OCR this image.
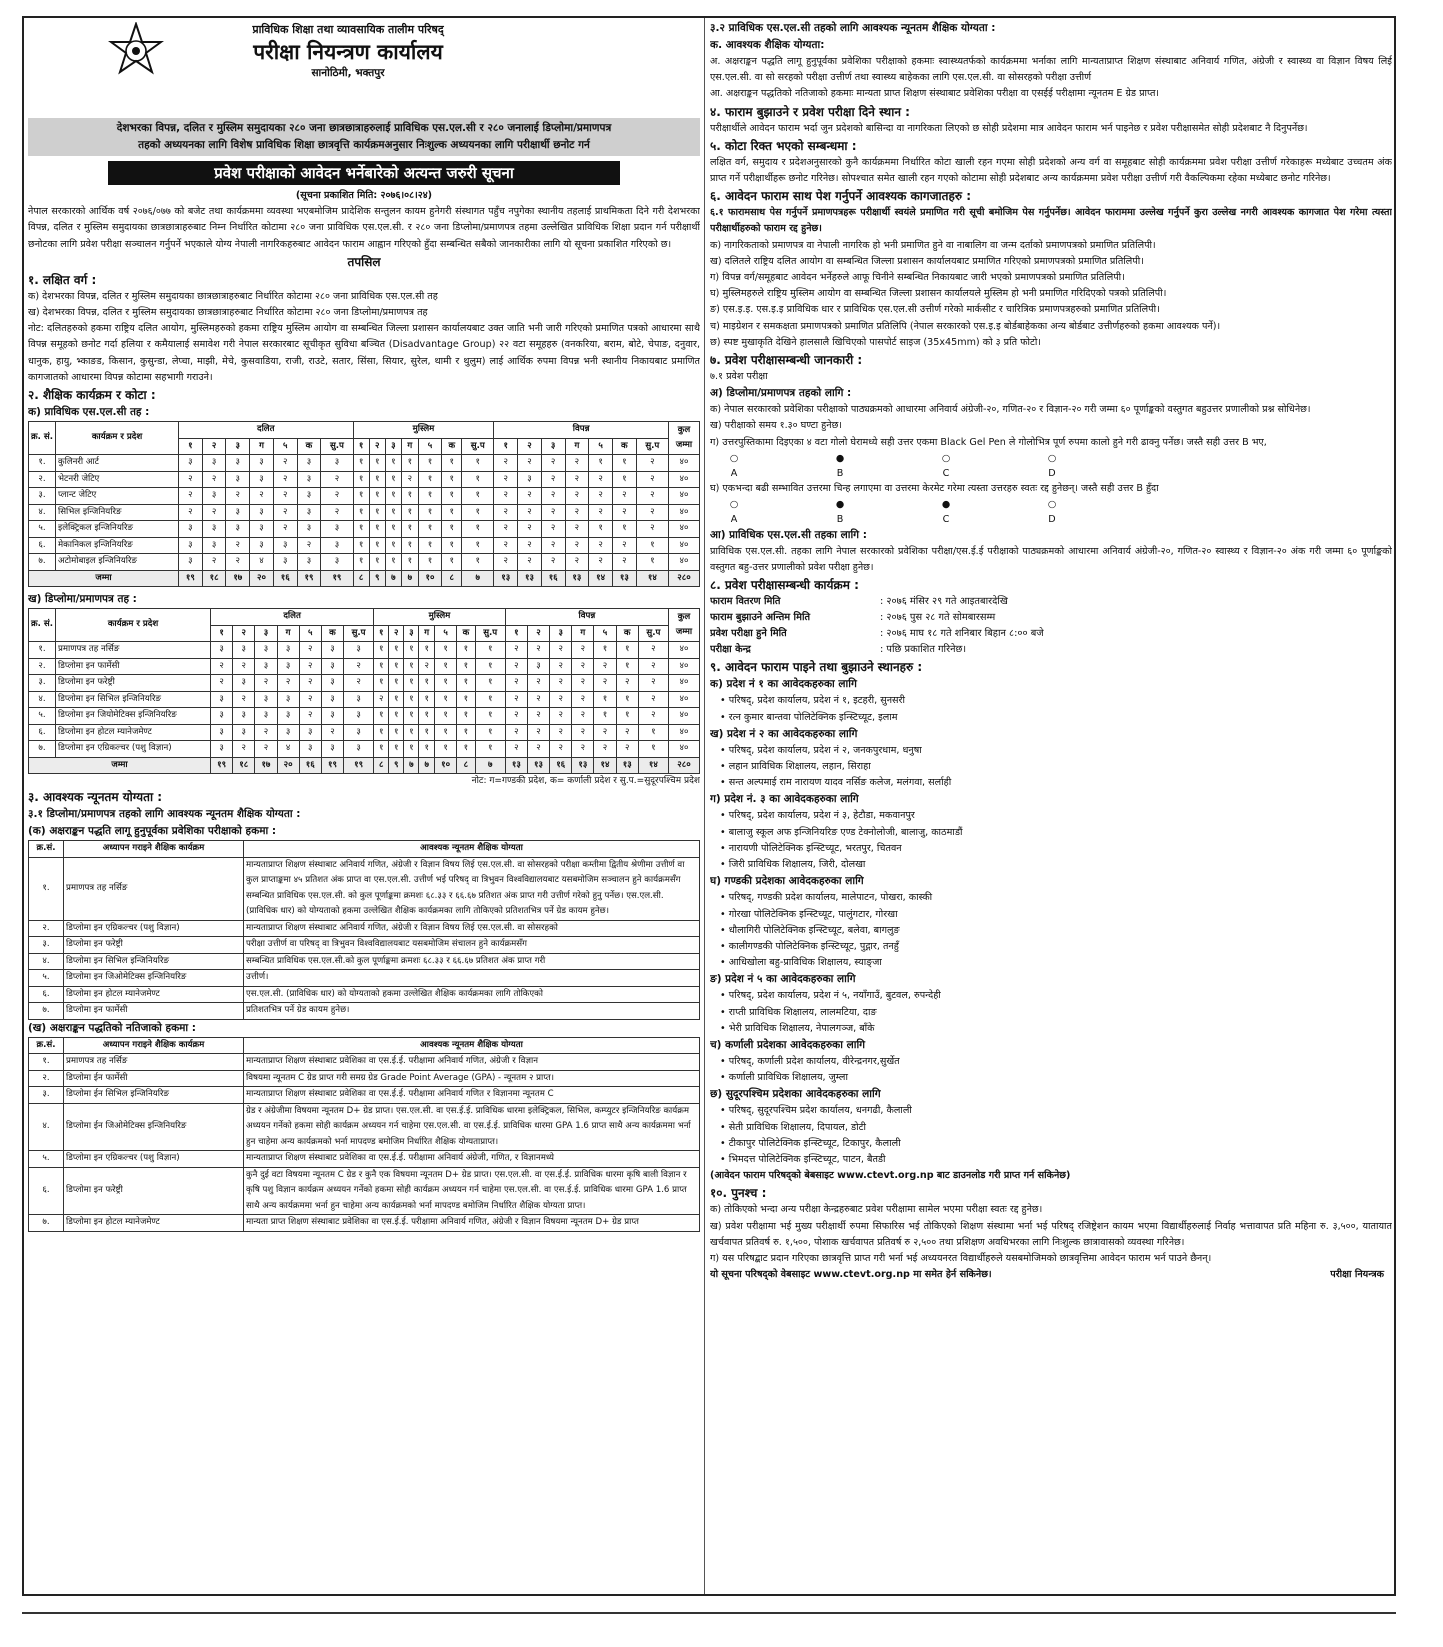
प्राविधिक शिक्षा तथा व्यावसायिक तालीम परिषद्
परीक्षा नियन्त्रण कार्यालय
सानोठिमी, भक्तपुर
देशभरका विपन्न, दलित र मुस्लिम समुदायका २८० जना छात्रछात्राहरुलाई प्राविधिक एस.एल.सी र २८० जनालाई डिप्लोमा/प्रमाणपत्र
तहको अध्ययनका लागि विशेष प्राविधिक शिक्षा छात्रवृत्ति कार्यक्रमअनुसार निःशुल्क अध्ययनका लागि परीक्षार्थी छनोट गर्न
प्रवेश परीक्षाको आवेदन भर्नेबारेको अत्यन्त जरुरी सूचना

(सूचना प्रकाशित मिति: २०७६।०८।२४)

नेपाल सरकारको आर्थिक वर्ष २०७६/०७७ को बजेट तथा कार्यक्रममा व्यवस्था भएबमोजिम प्रादेशिक सन्तुलन कायम हुनेगरी संस्थागत पहुँच नपुगेका स्थानीय तहलाई प्राथमिकता दिने गरी देशभरका विपन्न, दलित र मुस्लिम समुदायका छात्रछात्राहरुबाट निम्न निर्धारित कोटामा २८० जना प्राविधिक एस.एल.सी. र २८० जना डिप्लोमा/प्रमाणपत्र तहमा उल्लेखित प्राविधिक शिक्षा प्रदान गर्न परीक्षार्थी छनोटका लागि प्रवेश परीक्षा सञ्चालन गर्नुपर्ने भएकाले योग्य नेपाली नागरिकहरुबाट आवेदन फाराम आह्वान गरिएको हुँदा सम्बन्धित सबैको जानकारीका लागि यो सूचना प्रकाशित गरिएको छ।

तपसिल

१. लक्षित वर्ग :

क) देशभरका विपन्न, दलित र मुस्लिम समुदायका छात्रछात्राहरुबाट निर्धारित कोटामा २८० जना प्राविधिक एस.एल.सी तह

ख) देशभरका विपन्न, दलित र मुस्लिम समुदायका छात्रछात्राहरुबाट निर्धारित कोटामा २८० जना डिप्लोमा/प्रमाणपत्र तह

नोट: दलितहरुको हकमा राष्ट्रिय दलित आयोग, मुस्लिमहरुको हकमा राष्ट्रिय मुस्लिम आयोग वा सम्बन्धित जिल्ला प्रशासन कार्यालयबाट उक्त जाति भनी जारी गरिएको प्रमाणित पत्रको आधारमा साथै विपन्न समूहको छनोट गर्दा हलिया र कमैयालाई समावेश गरी नेपाल सरकारबाट सूचीकृत सुविधा बञ्चित (Disadvantage Group) २२ वटा समूहहरु (वनकरिया, बराम, बोटे, चेपाङ, दनुवार, धानुक, हायु, भ्काङड, किसान, कुसुन्डा, लेप्चा, माझी, मेचे, कुसवाडिया, राजी, राउटे, सतार, सिंसा, सियार, सुरेल, थामी र थुलुम) लाई आर्थिक रुपमा विपन्न भनी स्थानीय निकायबाट प्रमाणित कागजातको आधारमा विपन्न कोटामा सहभागी गराउने।

२. शैक्षिक कार्यक्रम र कोटा :

क) प्राविधिक एस.एल.सी तह :

क्र. सं.	कार्यक्रम र प्रदेश	दलित							मुस्लिम							विपन्न							कुल जम्मा
		१	२	३	ग	५	क	सु.प	१	२	३	ग	५	क	सु.प	१	२	३	ग	५	क	सु.प	
१.	कुलिनरी आर्ट	३	३	३	३	२	३	३	१	१	१	१	१	१	१	२	२	२	२	१	१	२	४०
२.	भेटनरी जेटिए	२	२	३	३	२	३	२	१	१	१	२	१	१	१	२	३	२	२	२	१	२	४०
३.	प्लान्ट जेटिए	२	३	२	२	२	३	२	१	१	१	१	१	१	१	२	२	२	२	२	२	२	४०
४.	सिभिल इन्जिनियरिङ	२	२	३	३	२	३	२	१	१	१	१	१	१	१	२	२	२	२	२	२	२	४०
५.	इलेक्ट्रिकल इन्जिनियरिङ	३	३	३	३	२	३	३	१	१	१	१	१	१	१	२	२	२	२	१	१	२	४०
६.	मेकानिकल इन्जिनियरिङ	३	३	२	३	३	२	३	१	१	१	१	१	१	१	२	२	२	२	२	२	१	४०
७.	अटोमोबाइल इन्जिनियरिङ	३	२	२	४	३	३	३	१	१	१	१	१	१	१	२	२	२	२	२	२	१	४०
जम्मा		१९	१८	१७	२०	१६	१९	१९	८	९	७	७	१०	८	७	१३	१३	१६	१३	१४	१३	१४	२८०

ख) डिप्लोमा/प्रमाणपत्र तह :

क्र. सं.	कार्यक्रम र प्रदेश	दलित							मुस्लिम							विपन्न							कुल जम्मा
		१	२	३	ग	५	क	सु.प	१	२	३	ग	५	क	सु.प	१	२	३	ग	५	क	सु.प	
१.	प्रमाणपत्र तह नर्सिङ	३	३	३	३	२	३	३	१	१	१	१	१	१	१	२	२	२	२	१	१	२	४०
२.	डिप्लोमा इन फार्मेसी	२	२	३	३	२	३	२	१	१	१	२	१	१	१	२	३	२	२	२	१	२	४०
३.	डिप्लोमा इन फरेष्ट्री	२	३	२	२	२	३	२	१	१	१	१	१	१	१	२	२	२	२	२	२	२	४०
४.	डिप्लोमा इन सिभिल इन्जिनियरिङ	३	२	३	३	२	३	३	२	१	१	१	१	१	१	२	२	२	२	१	१	२	४०
५.	डिप्लोमा इन जियोमेटिक्स इन्जिनियरिङ	३	३	३	३	२	३	३	१	१	१	१	१	१	१	२	२	२	२	१	१	२	४०
६.	डिप्लोमा इन होटल म्यानेजमेण्ट	३	३	२	३	३	२	३	१	१	१	१	१	१	१	२	२	२	२	२	२	१	४०
७.	डिप्लोमा इन एग्रिकल्चर (पशु विज्ञान)	३	२	२	४	३	३	३	१	१	१	१	१	१	१	२	२	२	२	२	२	१	४०
जम्मा		१९	१८	१७	२०	१६	१९	१९	८	९	७	७	१०	८	७	१३	१३	१६	१३	१४	१३	१४	२८०

नोट: ग=गण्डकी प्रदेश, क= कर्णाली प्रदेश र सु.प.=सुदूरपश्चिम प्रदेश

३. आवश्यक न्यूनतम योग्यता :

३.१ डिप्लोमा/प्रमाणपत्र तहको लागि आवश्यक न्यूनतम शैक्षिक योग्यता :

(क) अक्षराङ्कन पद्धति लागू हुनुपूर्वका प्रवेशिका परीक्षाको हकमा :

क्र.सं.	अध्यापन गराइने शैक्षिक कार्यक्रम	आवश्यक न्यूनतम शैक्षिक योग्यता
१.	प्रमाणपत्र तह नर्सिङ	मान्यताप्राप्त शिक्षण संस्थाबाट अनिवार्य गणित, अंग्रेजी र विज्ञान विषय लिई एस.एल.सी. वा सोसरहको परीक्षा कम्तीमा द्वितीय श्रेणीमा उत्तीर्ण वा कुल प्राप्ताङ्कमा ४५ प्रतिशत अंक प्राप्त वा एस.एल.सी. उत्तीर्ण भई परिषद् वा त्रिभुवन विश्वविद्यालयबाट यसबमोजिम सञ्चालन हुने कार्यक्रमसँग सम्बन्धित प्राविधिक एस.एल.सी. को कुल पूर्णाङ्कमा क्रमशः ६८.३३ र ६६.६७ प्रतिशत अंक प्राप्त गरी उत्तीर्ण गरेको हुनु पर्नेछ। एस.एल.सी. (प्राविधिक धार) को योग्यताको हकमा उल्लेखित शैक्षिक कार्यक्रमका लागि तोकिएको प्रतिशतभित्र पर्ने ग्रेड कायम हुनेछ।
२.	डिप्लोमा इन एग्रिकल्चर (पशु विज्ञान)	मान्यताप्राप्त शिक्षण संस्थाबाट अनिवार्य गणित, अंग्रेजी र विज्ञान विषय लिई एस.एल.सी. वा सोसरहको
३.	डिप्लोमा इन फरेष्ट्री	परीक्षा उत्तीर्ण वा परिषद् वा त्रिभुवन विश्वविद्यालयबाट यसबमोजिम संचालन हुने कार्यक्रमसँग
४.	डिप्लोमा इन सिभिल इन्जिनियरिङ	सम्बन्धित प्राविधिक एस.एल.सी.को कुल पूर्णाङ्कमा क्रमशः ६८.३३ र ६६.६७ प्रतिशत अंक प्राप्त गरी
५.	डिप्लोमा इन जिओमेटिक्स इन्जिनियरिङ	उत्तीर्ण।
६.	डिप्लोमा इन होटल म्यानेजमेण्ट	एस.एल.सी. (प्राविधिक धार) को योग्यताको हकमा उल्लेखित शैक्षिक कार्यक्रमका लागि तोकिएको
७.	डिप्लोमा इन फार्मेसी	प्रतिशतभित्र पर्ने ग्रेड कायम हुनेछ।

(ख) अक्षराङ्कन पद्धतिको नतिजाको हकमा :

क्र.सं.	अध्यापन गराइने शैक्षिक कार्यक्रम	आवश्यक न्यूनतम शैक्षिक योग्यता
१.	प्रमाणपत्र तह नर्सिङ	मान्यताप्राप्त शिक्षण संस्थाबाट प्रवेशिका वा एस.ई.ई. परीक्षामा अनिवार्य गणित, अंग्रेजी र विज्ञान
२.	डिप्लोमा ईन फार्मेसी	विषयमा न्यूनतम C ग्रेड प्राप्त गरी समग्र ग्रेड Grade Point Average (GPA) - न्यूनतम २ प्राप्त।
३.	डिप्लोमा ईन सिभिल इन्जिनियरिङ	मान्यताप्राप्त शिक्षण संस्थाबाट प्रवेशिका वा एस.ई.ई. परीक्षामा अनिवार्य गणित र विज्ञानमा न्यूनतम C
४.	डिप्लोमा ईन जिओमेटिक्स इन्जिनियरिङ	ग्रेड र अंग्रेजीमा विषयमा न्यूनतम D+ ग्रेड प्राप्त। एस.एल.सी. वा एस.ई.ई. प्राविधिक धारमा इलेक्ट्रिकल, सिभिल, कम्प्युटर इन्जिनियरिङ कार्यक्रम अध्ययन गर्नेको हकमा सोही कार्यक्रम अध्ययन गर्न चाहेमा एस.एल.सी. वा एस.ई.ई. प्राविधिक धारमा GPA 1.6 प्राप्त साथै अन्य कार्यक्रममा भर्ना हुन चाहेमा अन्य कार्यक्रमको भर्ना मापदण्ड बमोजिम निर्धारित शैक्षिक योग्यताप्राप्त।
५.	डिप्लोमा इन एग्रिकल्चर (पशु विज्ञान)	मान्यताप्राप्त शिक्षण संस्थाबाट प्रवेशिका वा एस.ई.ई. परीक्षामा अनिवार्य अंग्रेजी, गणित, र विज्ञानमध्ये
६.	डिप्लोमा इन फरेष्ट्री	कुनै दुई वटा विषयमा न्यूनतम C ग्रेड र कुनै एक विषयमा न्यूनतम D+ ग्रेड प्राप्त। एस.एल.सी. वा एस.ई.ई. प्राविधिक धारमा कृषि बाली विज्ञान र कृषि पशु विज्ञान कार्यक्रम अध्ययन गर्नेको हकमा सोही कार्यक्रम अध्ययन गर्न चाहेमा एस.एल.सी. वा एस.ई.ई. प्राविधिक धारमा GPA 1.6 प्राप्त साथै अन्य कार्यक्रममा भर्ना हुन चाहेमा अन्य कार्यक्रमको भर्ना मापदण्ड बमोजिम निर्धारित शैक्षिक योग्यता प्राप्त।
७.	डिप्लोमा इन होटल म्यानेजमेण्ट	मान्यता प्राप्त शिक्षण संस्थाबाट प्रवेशिका वा एस.ई.ई. परीक्षामा अनिवार्य गणित, अंग्रेजी र विज्ञान विषयमा न्यूनतम D+ ग्रेड प्राप्त

३.२ प्राविधिक एस.एल.सी तहको लागि आवश्यक न्यूनतम शैक्षिक योग्यता :

क. आवश्यक शैक्षिक योग्यता:

अ. अक्षराङ्कन पद्धति लागू हुनुपूर्वका प्रवेशिका परीक्षाको हकमाः स्वास्थ्यतर्फको कार्यक्रममा भर्नाका लागि मान्यताप्राप्त शिक्षण संस्थाबाट अनिवार्य गणित, अंग्रेजी र स्वास्थ्य वा विज्ञान विषय लिई एस.एल.सी. वा सो सरहको परीक्षा उत्तीर्ण तथा स्वास्थ्य बाहेकका लागि एस.एल.सी. वा सोसरहको परीक्षा उत्तीर्ण

आ. अक्षराङ्कन पद्धतिको नतिजाको हकमाः मान्यता प्राप्त शिक्षण संस्थाबाट प्रवेशिका परीक्षा वा एसईई परीक्षामा न्यूनतम E ग्रेड प्राप्त।

४. फाराम बुझाउने र प्रवेश परीक्षा दिने स्थान :

परीक्षार्थीले आवेदन फाराम भर्दा जुन प्रदेशको बासिन्दा वा नागरिकता लिएको छ सोही प्रदेशमा मात्र आवेदन फाराम भर्न पाइनेछ र प्रवेश परीक्षासमेत सोही प्रदेशबाट नै दिनुपर्नेछ।

५. कोटा रिक्त भएको सम्बन्धमा :

लक्षित वर्ग, समुदाय र प्रदेशअनुसारको कुनै कार्यक्रममा निर्धारित कोटा खाली रहन गएमा सोही प्रदेशको अन्य वर्ग वा समूहबाट सोही कार्यक्रममा प्रवेश परीक्षा उत्तीर्ण गरेकाहरू मध्येबाट उच्चतम अंक प्राप्त गर्ने परीक्षार्थीहरू छनोट गरिनेछ। सोपश्चात समेत खाली रहन गएको कोटामा सोही प्रदेशबाट अन्य कार्यक्रममा प्रवेश परीक्षा उत्तीर्ण गरी वैकल्पिकमा रहेका मध्येबाट छनोट गरिनेछ।

६. आवेदन फाराम साथ पेश गर्नुपर्ने आवश्यक कागजातहरु :

६.१ फारामसाथ पेस गर्नुपर्ने प्रमाणपत्रहरू परीक्षार्थी स्वयंले प्रमाणित गरी सूची बमोजिम पेस गर्नुपर्नेछ। आवेदन फाराममा उल्लेख गर्नुपर्ने कुरा उल्लेख नगरी आवश्यक कागजात पेश गरेमा त्यस्ता परीक्षार्थीहरुको फाराम रद्द हुनेछ।

क) नागरिकताको प्रमाणपत्र वा नेपाली नागरिक हो भनी प्रमाणित हुने वा नाबालिग वा जन्म दर्ताको प्रमाणपत्रको प्रमाणित प्रतिलिपी।

ख) दलितले राष्ट्रिय दलित आयोग वा सम्बन्धित जिल्ला प्रशासन कार्यालयबाट प्रमाणित गरिएको प्रमाणपत्रको प्रमाणित प्रतिलिपी।

ग) विपन्न वर्ग/समूहबाट आवेदन भर्नेहरुले आफू चिनीने सम्बन्धित निकायबाट जारी भएको प्रमाणपत्रको प्रमाणित प्रतिलिपी।

घ) मुस्लिमहरुले राष्ट्रिय मुस्लिम आयोग वा सम्बन्धित जिल्ला प्रशासन कार्यालयले मुस्लिम हो भनी प्रमाणित गरिदिएको पत्रको प्रतिलिपी।

ङ) एस.इ.इ. एस.इ.इ प्राविधिक धार र प्राविधिक एस.एल.सी उत्तीर्ण गरेको मार्कसीट र चारित्रिक प्रमाणपत्रहरुको प्रमाणित प्रतिलिपी।

च) माइग्रेशन र समकक्षता प्रमाणपत्रको प्रमाणित प्रतिलिपि (नेपाल सरकारको एस.इ.इ बोर्डबाहेकका अन्य बोर्डबाट उत्तीर्णहरुको हकमा आवश्यक पर्ने)।

छ) स्पष्ट मुखाकृति देखिने हालसालै खिचिएको पासपोर्ट साइज (35x45mm) को ३ प्रति फोटो।

७. प्रवेश परीक्षासम्बन्धी जानकारी :

७.१ प्रवेश परीक्षा

अ) डिप्लोमा/प्रमाणपत्र तहको लागि :

क) नेपाल सरकारको प्रवेशिका परीक्षाको पाठ्यक्रमको आधारमा अनिवार्य अंग्रेजी-२०, गणित-२० र विज्ञान-२० गरी जम्मा ६० पूर्णाङ्कको वस्तुगत बहुउत्तर प्रणालीको प्रश्न सोधिनेछ।

ख) परीक्षाको समय १.३० घण्टा हुनेछ।

ग) उत्तरपुस्तिकामा दिइएका ४ वटा गोलो घेरामध्ये सही उत्तर एकमा Black Gel Pen ले गोलोभित्र पूर्ण रुपमा कालो हुने गरी ढाक्नु पर्नेछ। जस्तै सही उत्तर B भए,

○	●	○	○
A	B	C	D

घ) एकभन्दा बढी सम्भावित उत्तरमा चिन्ह लगाएमा वा उत्तरमा केरमेट गरेमा त्यस्ता उत्तरहरु स्वतः रद्द हुनेछन्। जस्तै सही उत्तर B हुँदा

○	●	●	○
A	B	C	D

आ) प्राविधिक एस.एल.सी तहका लागि :

प्राविधिक एस.एल.सी. तहका लागि नेपाल सरकारको प्रवेशिका परीक्षा/एस.ई.ई परीक्षाको पाठ्यक्रमको आधारमा अनिवार्य अंग्रेजी-२०, गणित-२० स्वास्थ्य र विज्ञान-२० अंक गरी जम्मा ६० पूर्णाङ्कको वस्तुगत बहु-उत्तर प्रणालीको प्रवेश परीक्षा हुनेछ।

८. प्रवेश परीक्षासम्बन्धी कार्यक्रम :

फाराम वितरण मिति	: २०७६ मंसिर २९ गते आइतबारदेखि
फाराम बुझाउने अन्तिम मिति	: २०७६ पुस २८ गते सोमबारसम्म
प्रवेश परीक्षा हुने मिति	: २०७६ माघ १८ गते शनिबार बिहान ८:०० बजे
परीक्षा केन्द्र	: पछि प्रकाशित गरिनेछ।

९. आवेदन फाराम पाइने तथा बुझाउने स्थानहरु :

क) प्रदेश नं १ का आवेदकहरुका लागि

• परिषद्, प्रदेश कार्यालय, प्रदेश नं १, इटहरी, सुनसरी

• रत्न कुमार बान्तवा पोलिटेक्निक इन्स्टिच्यूट, इलाम

ख) प्रदेश नं २ का आवेदकहरुका लागि

• परिषद्, प्रदेश कार्यालय, प्रदेश नं २, जनकपुरधाम, धनुषा

• लहान प्राविधिक शिक्षालय, लहान, सिराहा

• सन्त अल्पमाई राम नारायण यादव नर्सिङ कलेज, मलंगवा, सर्लाही

ग) प्रदेश नं. ३ का आवेदकहरुका लागि

• परिषद्, प्रदेश कार्यालय, प्रदेश नं ३, हेटौडा, मकवानपुर

• बालाजु स्कूल अफ इन्जिनियरिङ एण्ड टेक्नोलोजी, बालाजु, काठमाडौं

• नारायणी पोलिटेक्निक इन्स्टिच्यूट, भरतपुर, चितवन

• जिरी प्राविधिक शिक्षालय, जिरी, दोलखा

घ) गण्डकी प्रदेशका आवेदकहरुका लागि

• परिषद्, गण्डकी प्रदेश कार्यालय, मालेपाटन, पोखरा, कास्की

• गोरखा पोलिटेक्निक इन्स्टिच्यूट, पालुंगटार, गोरखा

• धौलागिरी पोलिटेक्निक इन्स्टिच्यूट, बलेवा, बागलुङ

• कालीगण्डकी पोलिटेक्निक इन्स्टिच्यूट, पुद्गार, तनहुँ

• आधिखोला बहु-प्राविधिक शिक्षालय, स्याङ्जा

ङ) प्रदेश नं ५ का आवेदकहरुका लागि

• परिषद्, प्रदेश कार्यालय, प्रदेश नं ५, नयाँगाउँ, बुटवल, रुपन्देही

• राप्ती प्राविधिक शिक्षालय, लालमटिया, दाङ

• भेरी प्राविधिक शिक्षालय, नेपालगञ्ज, बाँके

च) कर्णाली प्रदेशका आवेदकहरुका लागि

• परिषद्, कर्णाली प्रदेश कार्यालय, वीरेन्द्रनगर,सुर्खेत

• कर्णाली प्राविधिक शिक्षालय, जुम्ला

छ) सुदूरपश्चिम प्रदेशका आवेदकहरुका लागि

• परिषद्, सुदूरपश्चिम प्रदेश कार्यालय, धनगढी, कैलाली

• सेती प्राविधिक शिक्षालय, दिपायल, डोटी

• टीकापुर पोलिटेक्निक इन्स्टिच्यूट, टिकापुर, कैलाली

• भिमदत्त पोलिटेक्निक इन्स्टिच्यूट, पाटन, बैतडी

(आवेदन फाराम परिषद्को बेबसाइट www.ctevt.org.np बाट डाउनलोड गरी प्राप्त गर्न सकिनेछ)

१०. पुनश्च :

क) तोकिएको भन्दा अन्य परीक्षा केन्द्रहरुबाट प्रवेश परीक्षामा सामेल भएमा परीक्षा स्वतः रद्द हुनेछ।

ख) प्रवेश परीक्षामा भई मुख्य परीक्षार्थी रुपमा सिफारिस भई तोकिएको शिक्षण संस्थामा भर्ना भई परिषद् रजिष्ट्रेशन कायम भएमा विद्यार्थीहरुलाई निर्वाह भत्तावापत प्रति महिना रु. ३,५००, यातायात खर्चवापत प्रतिवर्ष रु. १,५००, पोशाक खर्चवापत प्रतिवर्ष रु २,५०० तथा प्रशिक्षण अवधिभरका लागि निःशुल्क छात्रावासको व्यवस्था गरिनेछ।

ग) यस परिषद्बाट प्रदान गरिएका छात्रवृत्ति प्राप्त गरी भर्ना भई अध्ययनरत विद्यार्थीहरुले यसबमोजिमको छात्रवृत्तिमा आवेदन फाराम भर्न पाउने छैनन्।

यो सूचना परिषद्को वेबसाइट www.ctevt.org.np मा समेत हेर्न सकिनेछ।	परीक्षा नियन्त्रक
